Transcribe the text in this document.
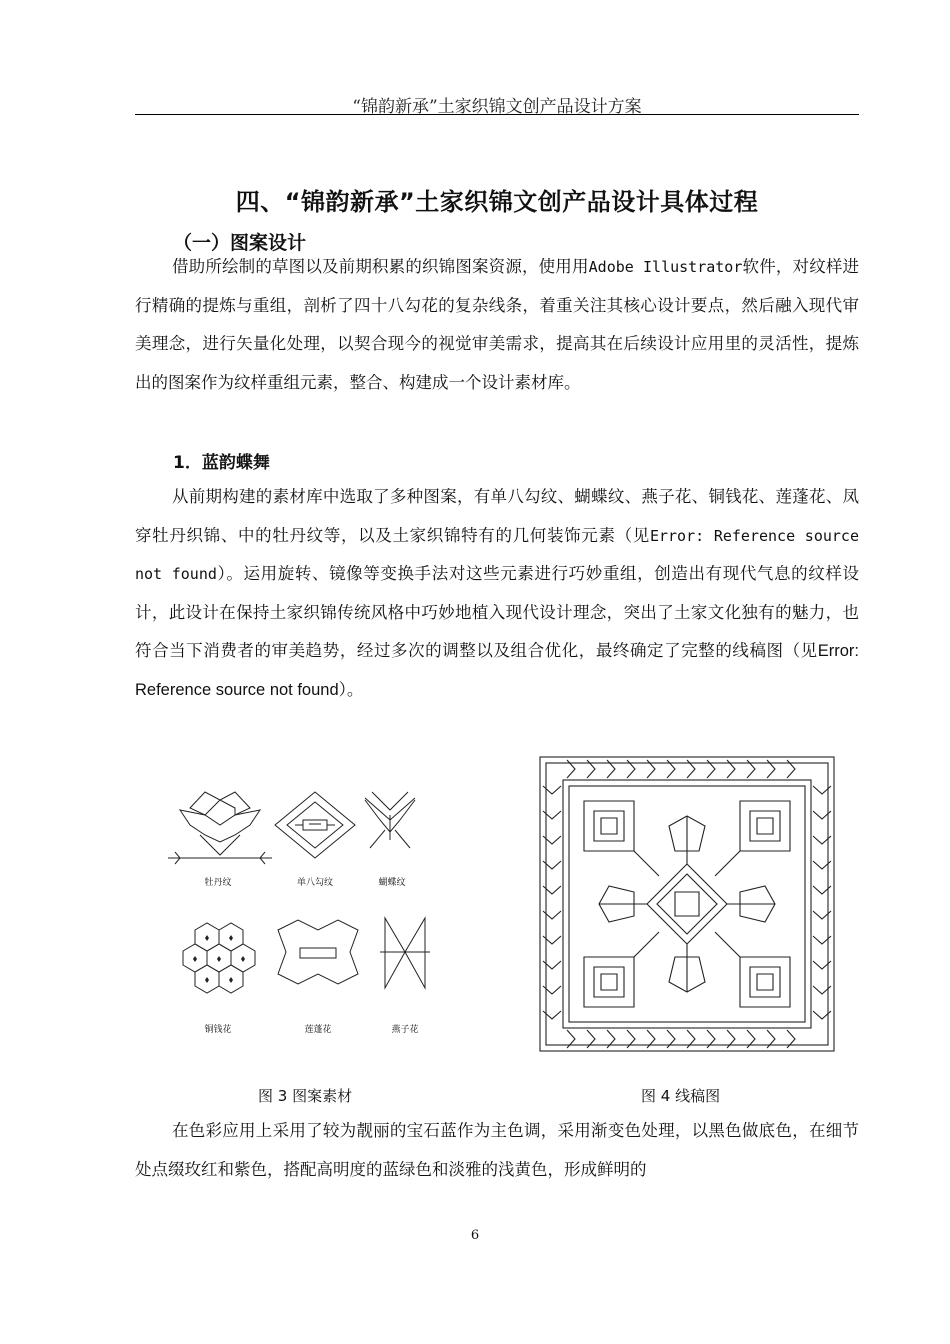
“锦韵新承”土家织锦文创产品设计方案
四、“锦韵新承”土家织锦文创产品设计具体过程
（一）图案设计

借助所绘制的草图以及前期积累的织锦图案资源，使用用Adobe Illustrator软件，对纹样进行精确的提炼与重组，剖析了四十八勾花的复杂线条，着重关注其核心设计要点，然后融入现代审美理念，进行矢量化处理，以契合现今的视觉审美需求，提高其在后续设计应用里的灵活性，提炼出的图案作为纹样重组元素，整合、构建成一个设计素材库。

1．蓝韵蝶舞

从前期构建的素材库中选取了多种图案，有单八勾纹、蝴蝶纹、燕子花、铜钱花、莲蓬花、凤穿牡丹织锦、中的牡丹纹等，以及土家织锦特有的几何装饰元素（见Error: Reference source not found）。运用旋转、镜像等变换手法对这些元素进行巧妙重组，创造出有现代气息的纹样设计，此设计在保持土家织锦传统风格中巧妙地植入现代设计理念，突出了土家文化独有的魅力，也符合当下消费者的审美趋势，经过多次的调整以及组合优化，最终确定了完整的线稿图（见Error: Reference source not found）。

牡丹纹	单八勾纹	蝴蝶纹
铜钱花	莲蓬花	燕子花
图 3 图案素材	图 4 线稿图

在色彩应用上采用了较为靓丽的宝石蓝作为主色调，采用渐变色处理，以黑色做底色，在细节处点缀玫红和紫色，搭配高明度的蓝绿色和淡雅的浅黄色，形成鲜明的

6
